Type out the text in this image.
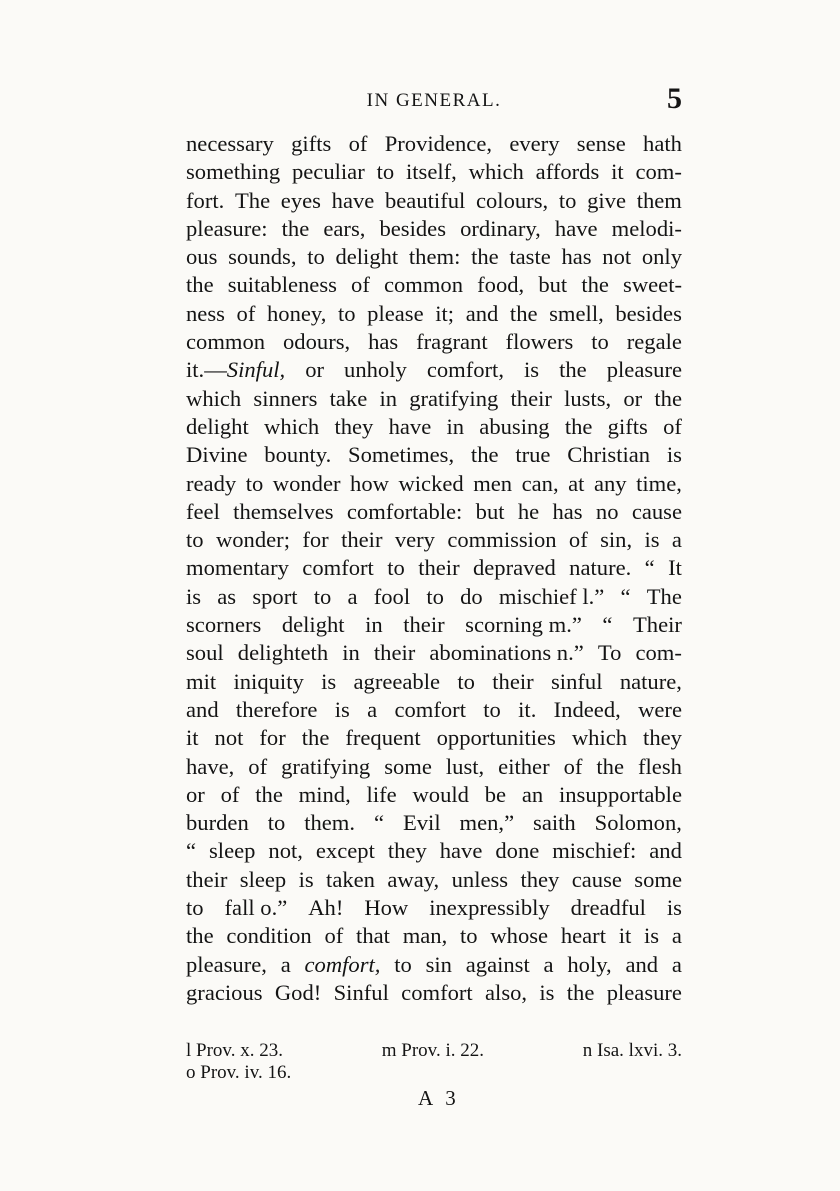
IN GENERAL.	5
necessary gifts of Providence, every sense hath
something peculiar to itself, which affords it com-
fort. The eyes have beautiful colours, to give them
pleasure: the ears, besides ordinary, have melodi-
ous sounds, to delight them: the taste has not only
the suitableness of common food, but the sweet-
ness of honey, to please it; and the smell, besides
common odours, has fragrant flowers to regale
it.—Sinful, or unholy comfort, is the pleasure
which sinners take in gratifying their lusts, or the
delight which they have in abusing the gifts of
Divine bounty. Sometimes, the true Christian is
ready to wonder how wicked men can, at any time,
feel themselves comfortable: but he has no cause
to wonder; for their very commission of sin, is a
momentary comfort to their depraved nature. “ It
is as sport to a fool to do mischief l.” “ The
scorners delight in their scorning m.” “ Their
soul delighteth in their abominations n.” To com-
mit iniquity is agreeable to their sinful nature,
and therefore is a comfort to it. Indeed, were
it not for the frequent opportunities which they
have, of gratifying some lust, either of the flesh
or of the mind, life would be an insupportable
burden to them. “ Evil men,” saith Solomon,
“ sleep not, except they have done mischief: and
their sleep is taken away, unless they cause some
to fall o.” Ah! How inexpressibly dreadful is
the condition of that man, to whose heart it is a
pleasure, a comfort, to sin against a holy, and a
gracious God! Sinful comfort also, is the pleasure
l Prov. x. 23.	m Prov. i. 22.	n Isa. lxvi. 3.
o Prov. iv. 16.
A 3
